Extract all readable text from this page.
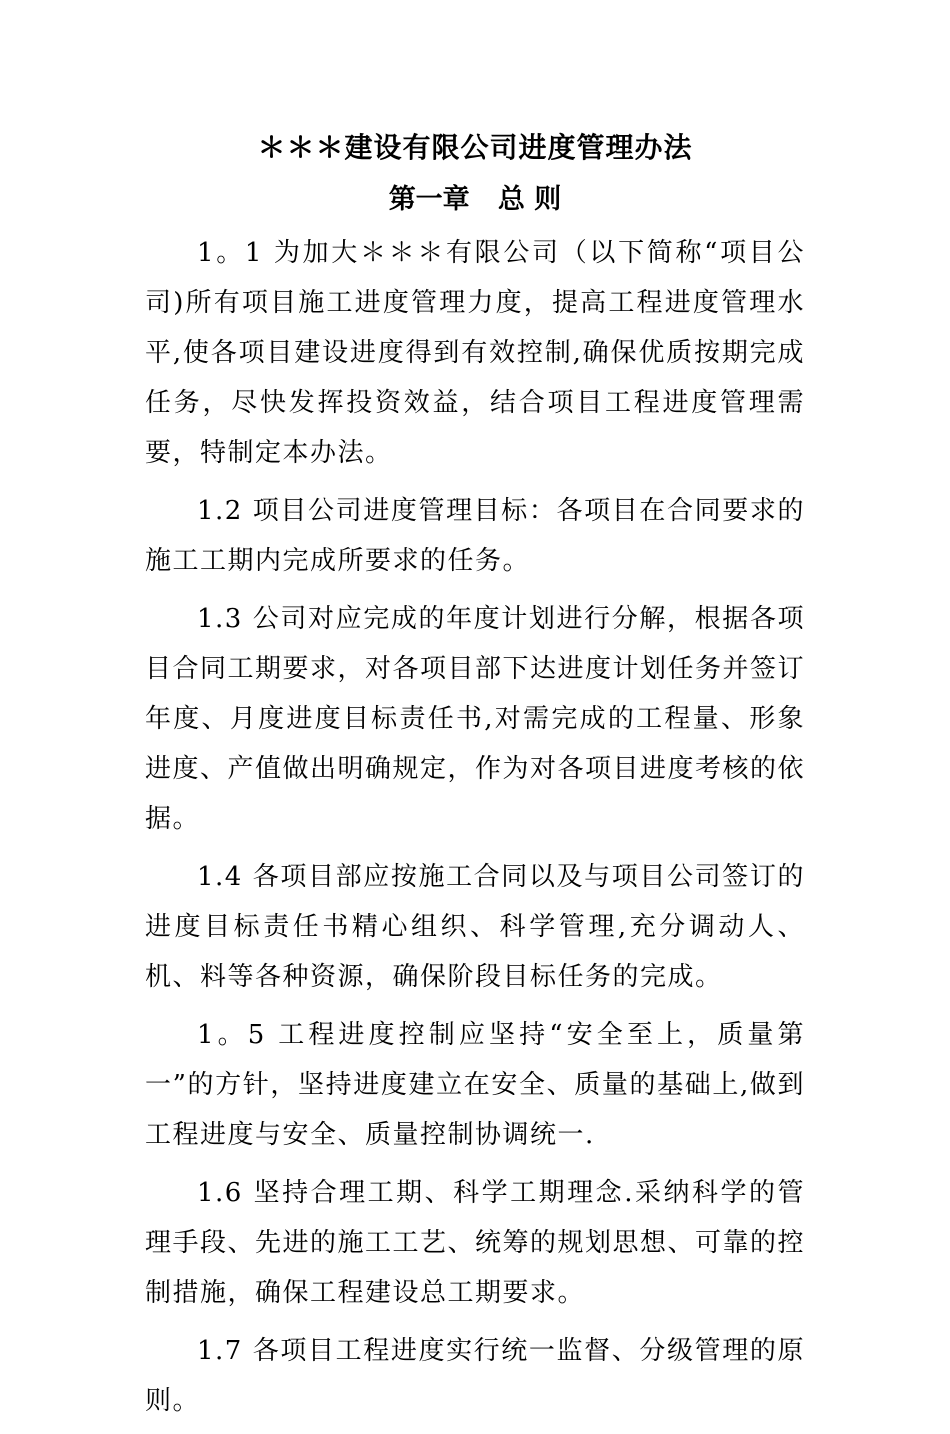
＊＊＊建设有限公司进度管理办法
第一章   总 则

1。1 为加大＊＊＊有限公司（以下简称“项目公司)所有项目施工进度管理力度，提高工程进度管理水平,使各项目建设进度得到有效控制,确保优质按期完成任务，尽快发挥投资效益，结合项目工程进度管理需要，特制定本办法。

1.2 项目公司进度管理目标：各项目在合同要求的施工工期内完成所要求的任务。

1.3 公司对应完成的年度计划进行分解，根据各项目合同工期要求，对各项目部下达进度计划任务并签订年度、月度进度目标责任书,对需完成的工程量、形象进度、产值做出明确规定，作为对各项目进度考核的依据。

1.4 各项目部应按施工合同以及与项目公司签订的进度目标责任书精心组织、科学管理,充分调动人、机、料等各种资源，确保阶段目标任务的完成。

1。5 工程进度控制应坚持“安全至上，质量第一”的方针，坚持进度建立在安全、质量的基础上,做到工程进度与安全、质量控制协调统一.

1.6 坚持合理工期、科学工期理念.采纳科学的管理手段、先进的施工工艺、统筹的规划思想、可靠的控制措施，确保工程建设总工期要求。

1.7 各项目工程进度实行统一监督、分级管理的原则。
